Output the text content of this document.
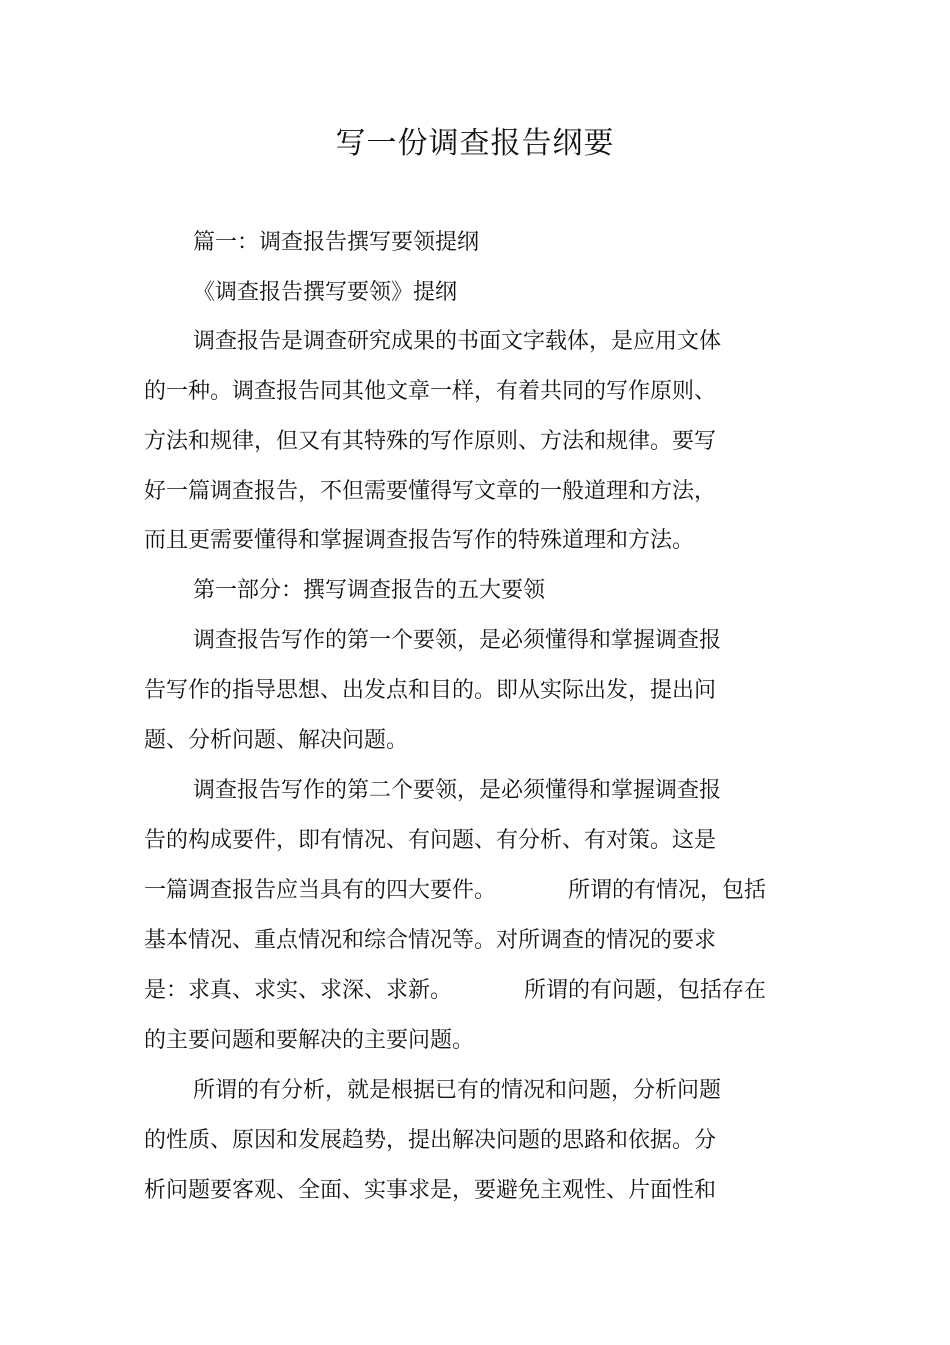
写一份调查报告纲要
篇一：调查报告撰写要领提纲
《调查报告撰写要领》提纲
调查报告是调查研究成果的书面文字载体，是应用文体
的一种。调查报告同其他文章一样，有着共同的写作原则、
方法和规律，但又有其特殊的写作原则、方法和规律。要写
好一篇调查报告，不但需要懂得写文章的一般道理和方法，
而且更需要懂得和掌握调查报告写作的特殊道理和方法。
第一部分：撰写调查报告的五大要领
调查报告写作的第一个要领，是必须懂得和掌握调查报
告写作的指导思想、出发点和目的。即从实际出发，提出问
题、分析问题、解决问题。
调查报告写作的第二个要领，是必须懂得和掌握调查报
告的构成要件，即有情况、有问题、有分析、有对策。这是
一篇调查报告应当具有的四大要件。	所谓的有情况，包括
基本情况、重点情况和综合情况等。对所调查的情况的要求
是：求真、求实、求深、求新。	所谓的有问题，包括存在
的主要问题和要解决的主要问题。
所谓的有分析，就是根据已有的情况和问题，分析问题
的性质、原因和发展趋势，提出解决问题的思路和依据。分
析问题要客观、全面、实事求是，要避免主观性、片面性和
